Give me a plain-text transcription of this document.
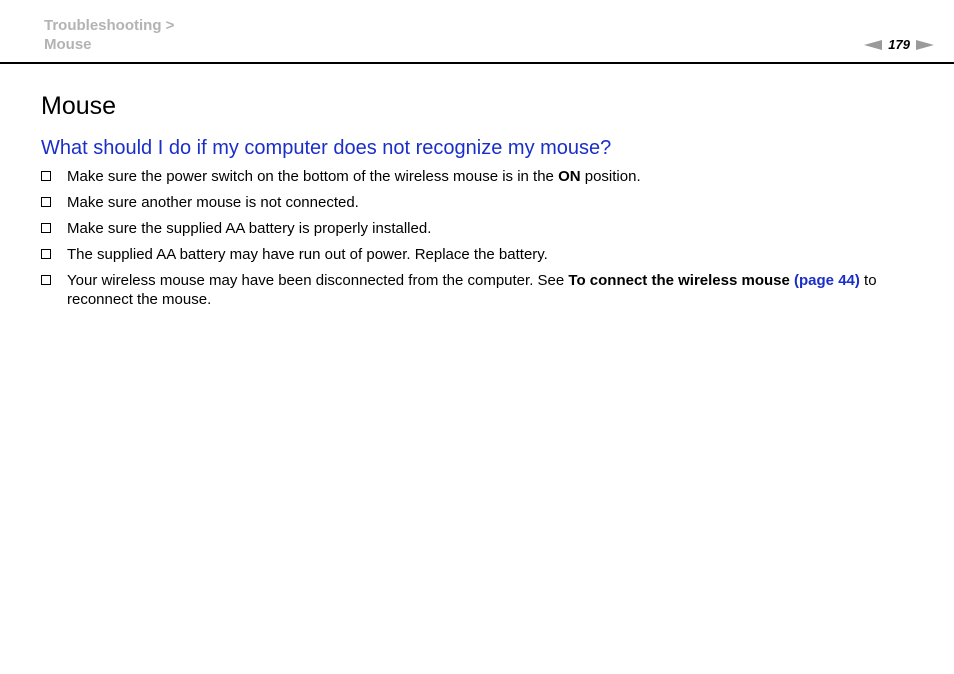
Troubleshooting >
Mouse	179
Mouse
What should I do if my computer does not recognize my mouse?
Make sure the power switch on the bottom of the wireless mouse is in the ON position.
Make sure another mouse is not connected.
Make sure the supplied AA battery is properly installed.
The supplied AA battery may have run out of power. Replace the battery.
Your wireless mouse may have been disconnected from the computer. See To connect the wireless mouse (page 44) to reconnect the mouse.
